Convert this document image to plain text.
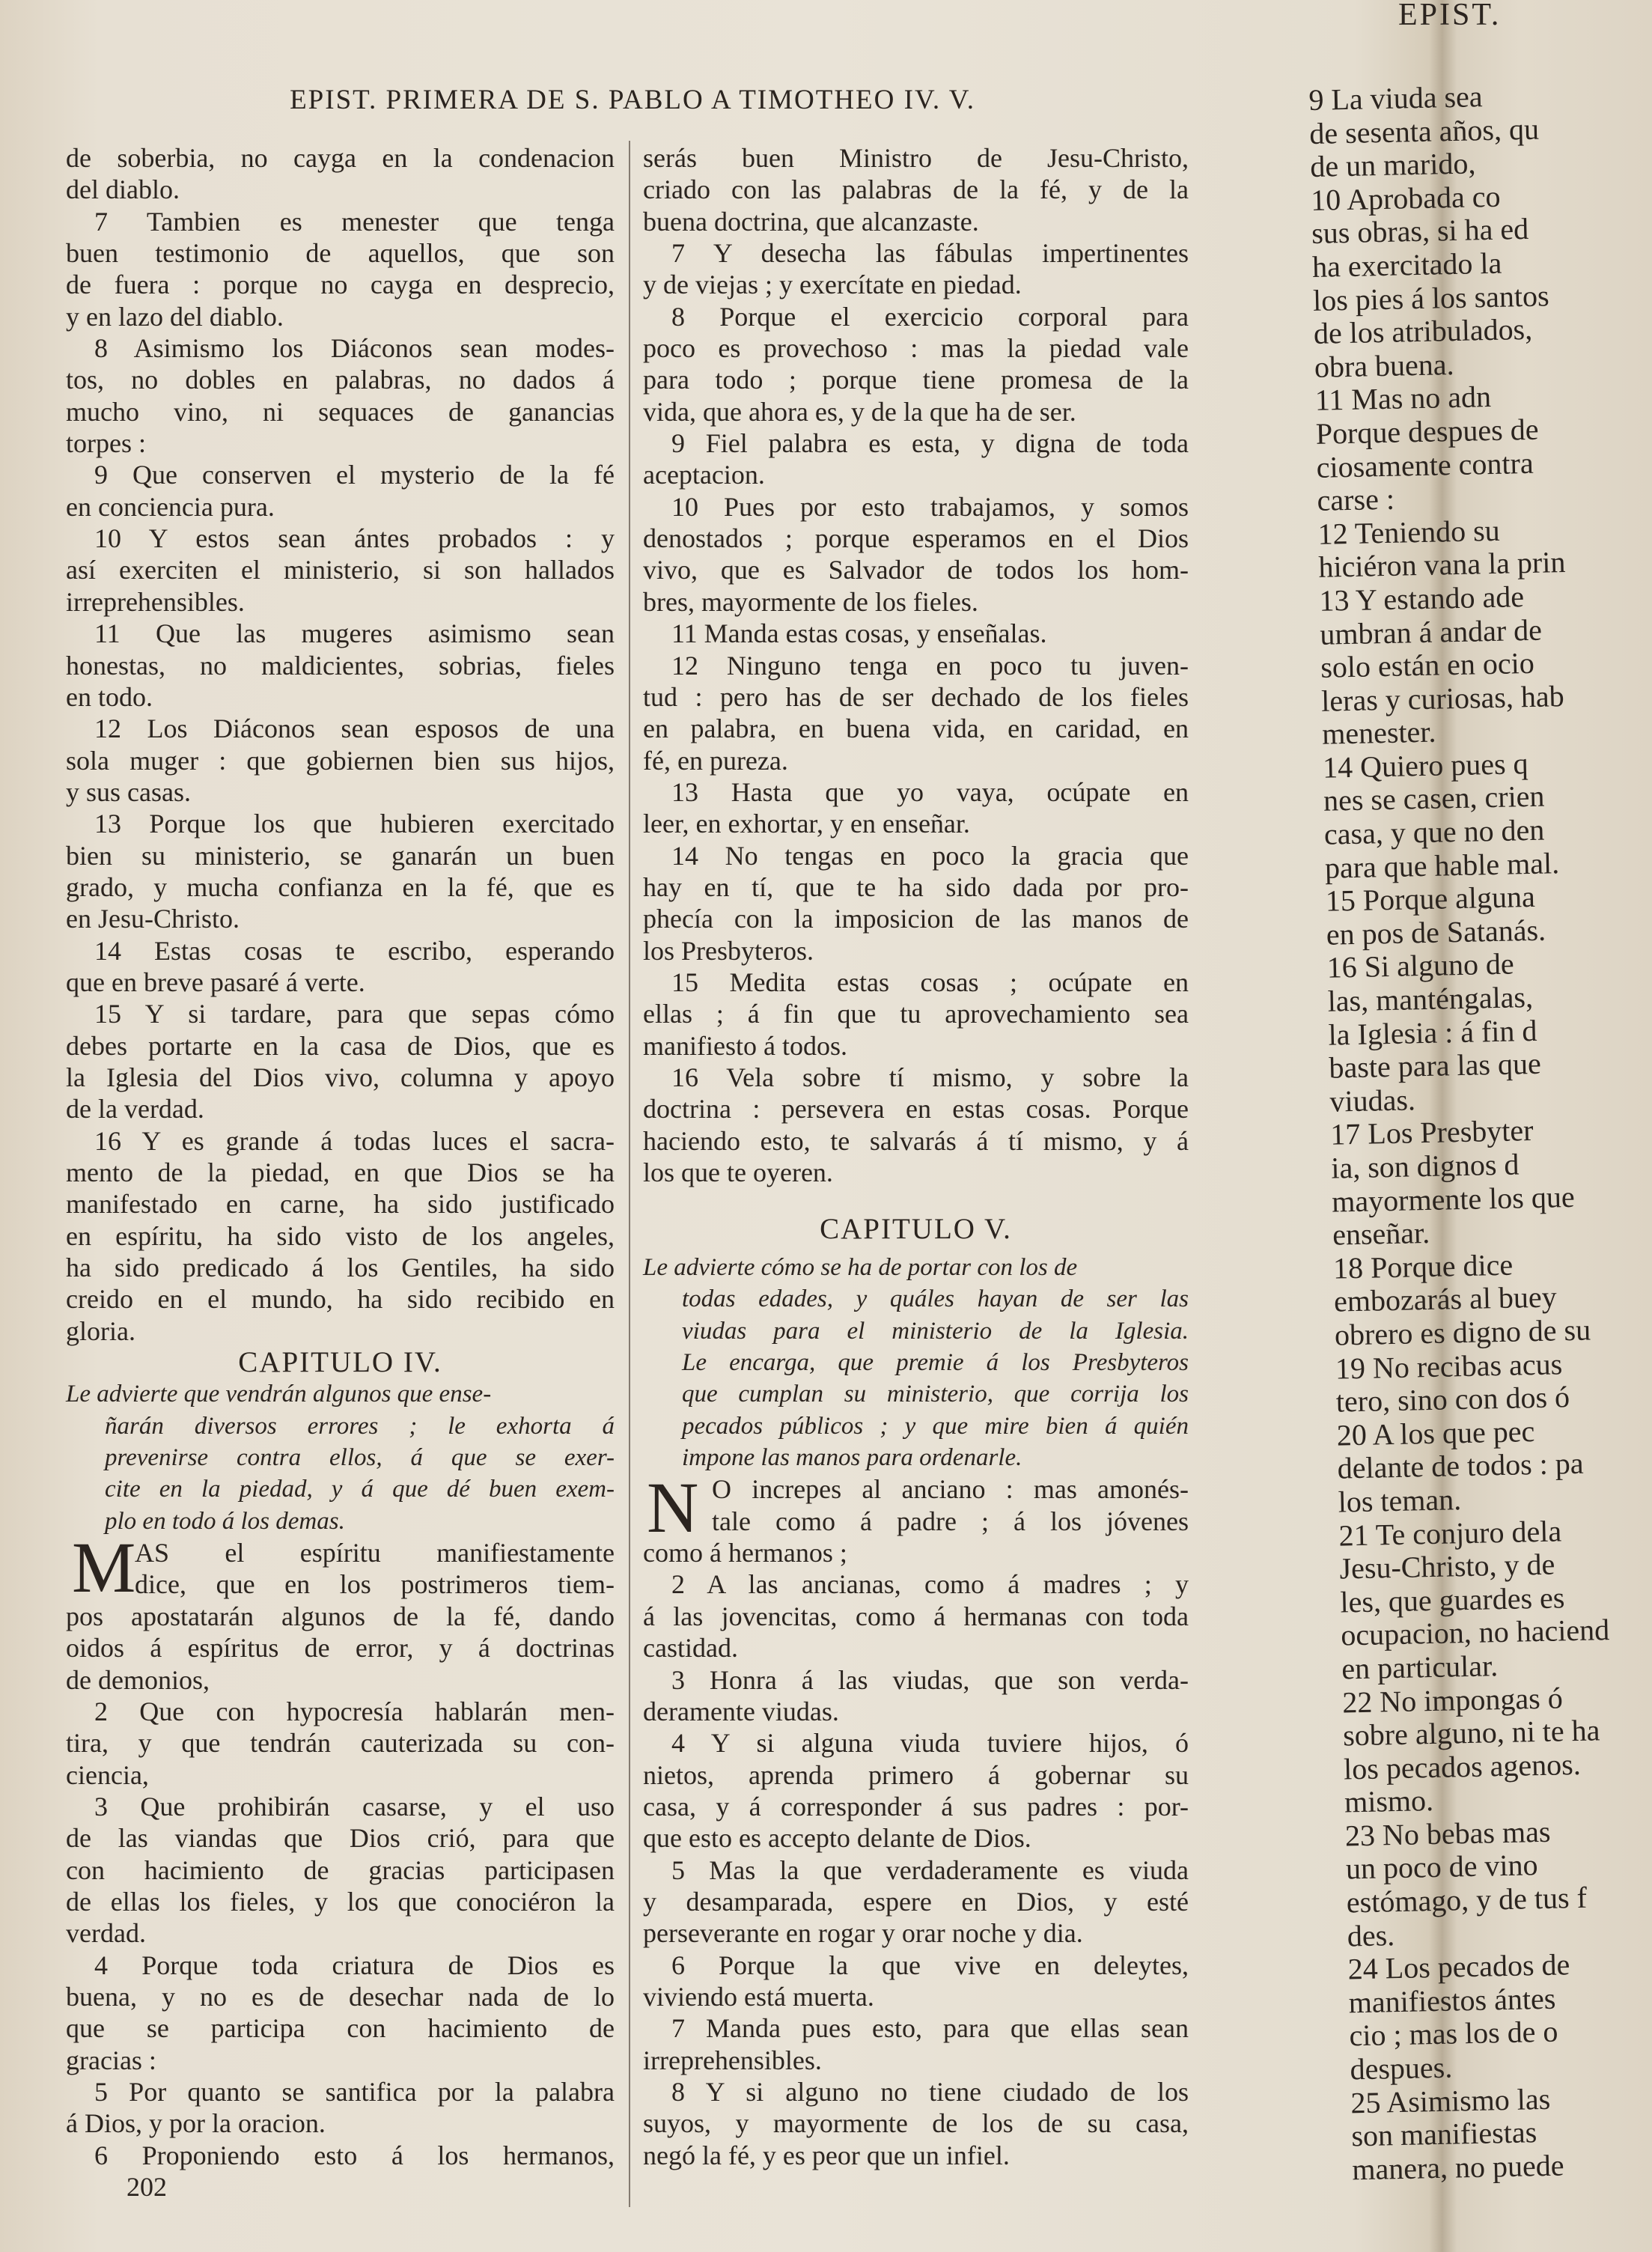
EPIST. PRIMERA DE S. PABLO A TIMOTHEO IV. V.
de soberbia, no cayga en la condenacion
del diablo.
7 Tambien es menester que tenga
buen testimonio de aquellos, que son
de fuera : porque no cayga en desprecio,
y en lazo del diablo.
8 Asimismo los Diáconos sean modes-
tos, no dobles en palabras, no dados á
mucho vino, ni sequaces de ganancias
torpes :
9 Que conserven el mysterio de la fé
en conciencia pura.
10 Y estos sean ántes probados : y
así exerciten el ministerio, si son hallados
irreprehensibles.
11 Que las mugeres asimismo sean
honestas, no maldicientes, sobrias, fieles
en todo.
12 Los Diáconos sean esposos de una
sola muger : que gobiernen bien sus hijos,
y sus casas.
13 Porque los que hubieren exercitado
bien su ministerio, se ganarán un buen
grado, y mucha confianza en la fé, que es
en Jesu-Christo.
14 Estas cosas te escribo, esperando
que en breve pasaré á verte.
15 Y si tardare, para que sepas cómo
debes portarte en la casa de Dios, que es
la Iglesia del Dios vivo, columna y apoyo
de la verdad.
16 Y es grande á todas luces el sacra-
mento de la piedad, en que Dios se ha
manifestado en carne, ha sido justificado
en espíritu, ha sido visto de los angeles,
ha sido predicado á los Gentiles, ha sido
creido en el mundo, ha sido recibido en
gloria.
CAPITULO IV.
Le advierte que vendrán algunos que ense-
ñarán diversos errores ; le exhorta á
prevenirse contra ellos, á que se exer-
cite en la piedad, y á que dé buen exem-
plo en todo á los demas.
AS el espíritu manifiestamente
dice, que en los postrimeros tiem-
pos apostatarán algunos de la fé, dando
oidos á espíritus de error, y á doctrinas
de demonios,
2 Que con hypocresía hablarán men-
tira, y que tendrán cauterizada su con-
ciencia,
3 Que prohibirán casarse, y el uso
de las viandas que Dios crió, para que
con hacimiento de gracias participasen
de ellas los fieles, y los que conociéron la
verdad.
4 Porque toda criatura de Dios es
buena, y no es de desechar nada de lo
que se participa con hacimiento de
gracias :
5 Por quanto se santifica por la palabra
á Dios, y por la oracion.
6 Proponiendo esto á los hermanos,
serás buen Ministro de Jesu-Christo,
criado con las palabras de la fé, y de la
buena doctrina, que alcanzaste.
7 Y desecha las fábulas impertinentes
y de viejas ; y exercítate en piedad.
8 Porque el exercicio corporal para
poco es provechoso : mas la piedad vale
para todo ; porque tiene promesa de la
vida, que ahora es, y de la que ha de ser.
9 Fiel palabra es esta, y digna de toda
aceptacion.
10 Pues por esto trabajamos, y somos
denostados ; porque esperamos en el Dios
vivo, que es Salvador de todos los hom-
bres, mayormente de los fieles.
11 Manda estas cosas, y enseñalas.
12 Ninguno tenga en poco tu juven-
tud : pero has de ser dechado de los fieles
en palabra, en buena vida, en caridad, en
fé, en pureza.
13 Hasta que yo vaya, ocúpate en
leer, en exhortar, y en enseñar.
14 No tengas en poco la gracia que
hay en tí, que te ha sido dada por pro-
phecía con la imposicion de las manos de
los Presbyteros.
15 Medita estas cosas ; ocúpate en
ellas ; á fin que tu aprovechamiento sea
manifiesto á todos.
16 Vela sobre tí mismo, y sobre la
doctrina : persevera en estas cosas. Porque
haciendo esto, te salvarás á tí mismo, y á
los que te oyeren.
CAPITULO V.
Le advierte cómo se ha de portar con los de
todas edades, y quáles hayan de ser las
viudas para el ministerio de la Iglesia.
Le encarga, que premie á los Presbyteros
que cumplan su ministerio, que corrija los
pecados públicos ; y que mire bien á quién
impone las manos para ordenarle.
O increpes al anciano : mas amonés-
tale como á padre ; á los jóvenes
como á hermanos ;
2 A las ancianas, como á madres ; y
á las jovencitas, como á hermanas con toda
castidad.
3 Honra á las viudas, que son verda-
deramente viudas.
4 Y si alguna viuda tuviere hijos, ó
nietos, aprenda primero á gobernar su
casa, y á corresponder á sus padres : por-
que esto es accepto delante de Dios.
5 Mas la que verdaderamente es viuda
y desamparada, espere en Dios, y esté
perseverante en rogar y orar noche y dia.
6 Porque la que vive en deleytes,
viviendo está muerta.
7 Manda pues esto, para que ellas sean
irreprehensibles.
8 Y si alguno no tiene ciudado de los
suyos, y mayormente de los de su casa,
negó la fé, y es peor que un infiel.
M
N
202
EPIST.
9 La viuda sea
de sesenta años, qu
de un marido,
10 Aprobada co
sus obras, si ha ed
ha exercitado la
los pies á los santos
de los atribulados,
obra buena.
11 Mas no adn
Porque despues de
ciosamente contra
carse :
12 Teniendo su
hiciéron vana la prin
13 Y estando ade
umbran á andar de
solo están en ocio
leras y curiosas, hab
menester.
14 Quiero pues q
nes se casen, crien
casa, y que no den
para que hable mal.
15 Porque alguna
en pos de Satanás.
16 Si alguno de
las, manténgalas,
la Iglesia : á fin d
baste para las que
viudas.
17 Los Presbyter
ia, son dignos d
mayormente los que
enseñar.
18 Porque dice
embozarás al buey
obrero es digno de su
19 No recibas acus
tero, sino con dos ó
20 A los que pec
delante de todos : pa
los teman.
21 Te conjuro dela
Jesu-Christo, y de
les, que guardes es
ocupacion, no haciend
en particular.
22 No impongas ó
sobre alguno, ni te ha
los pecados agenos.
mismo.
23 No bebas mas
un poco de vino
estómago, y de tus f
des.
24 Los pecados de
manifiestos ántes
cio ; mas los de o
despues.
25 Asimismo las
son manifiestas
manera, no puede
